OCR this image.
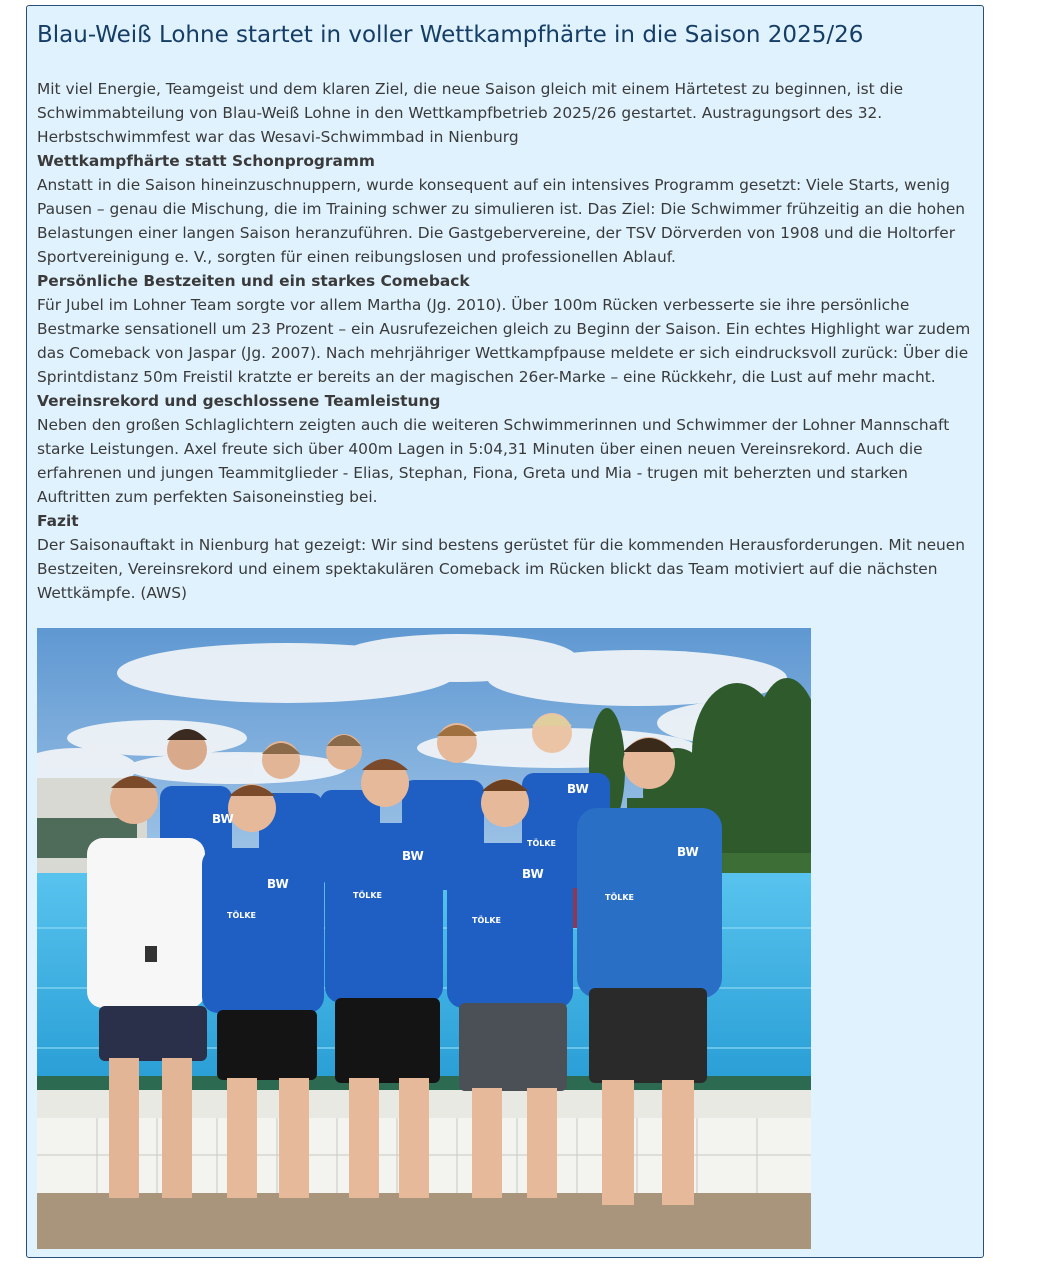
Blau-Weiß Lohne startet in voller Wettkampfhärte in die Saison 2025/26

Mit viel Energie, Teamgeist und dem klaren Ziel, die neue Saison gleich mit einem Härtetest zu beginnen, ist die Schwimmabteilung von Blau-Weiß Lohne in den Wettkampfbetrieb 2025/26 gestartet. Austragungsort des 32. Herbstschwimmfest war das Wesavi-Schwimmbad in Nienburg

Wettkampfhärte statt Schonprogramm

Anstatt in die Saison hineinzuschnuppern, wurde konsequent auf ein intensives Programm gesetzt: Viele Starts, wenig Pausen – genau die Mischung, die im Training schwer zu simulieren ist. Das Ziel: Die Schwimmer frühzeitig an die hohen Belastungen einer langen Saison heranzuführen. Die Gastgebervereine, der TSV Dörverden von 1908 und die Holtorfer Sportvereinigung e. V., sorgten für einen reibungslosen und professionellen Ablauf.

Persönliche Bestzeiten und ein starkes Comeback

Für Jubel im Lohner Team sorgte vor allem Martha (Jg. 2010). Über 100m Rücken verbesserte sie ihre persönliche Bestmarke sensationell um 23 Prozent – ein Ausrufezeichen gleich zu Beginn der Saison. Ein echtes Highlight war zudem das Comeback von Jaspar (Jg. 2007). Nach mehrjähriger Wettkampfpause meldete er sich eindrucksvoll zurück: Über die Sprintdistanz 50m Freistil kratzte er bereits an der magischen 26er-Marke – eine Rückkehr, die Lust auf mehr macht.

Vereinsrekord und geschlossene Teamleistung

Neben den großen Schlaglichtern zeigten auch die weiteren Schwimmerinnen und Schwimmer der Lohner Mannschaft starke Leistungen. Axel freute sich über 400m Lagen in 5:04,31 Minuten über einen neuen Vereinsrekord. Auch die erfahrenen und jungen Teammitglieder - Elias, Stephan, Fiona, Greta und Mia - trugen mit beherzten und starken Auftritten zum perfekten Saisoneinstieg bei.

Fazit

Der Saisonauftakt in Nienburg hat gezeigt: Wir sind bestens gerüstet für die kommenden Herausforderungen. Mit neuen Bestzeiten, Vereinsrekord und einem spektakulären Comeback im Rücken blickt das Team motiviert auf die nächsten Wettkämpfe. (AWS)

BW
BW
BW
BW
BW
BW
TÖLKE
TÖLKE
TÖLKE
TÖLKE
TÖLKE
